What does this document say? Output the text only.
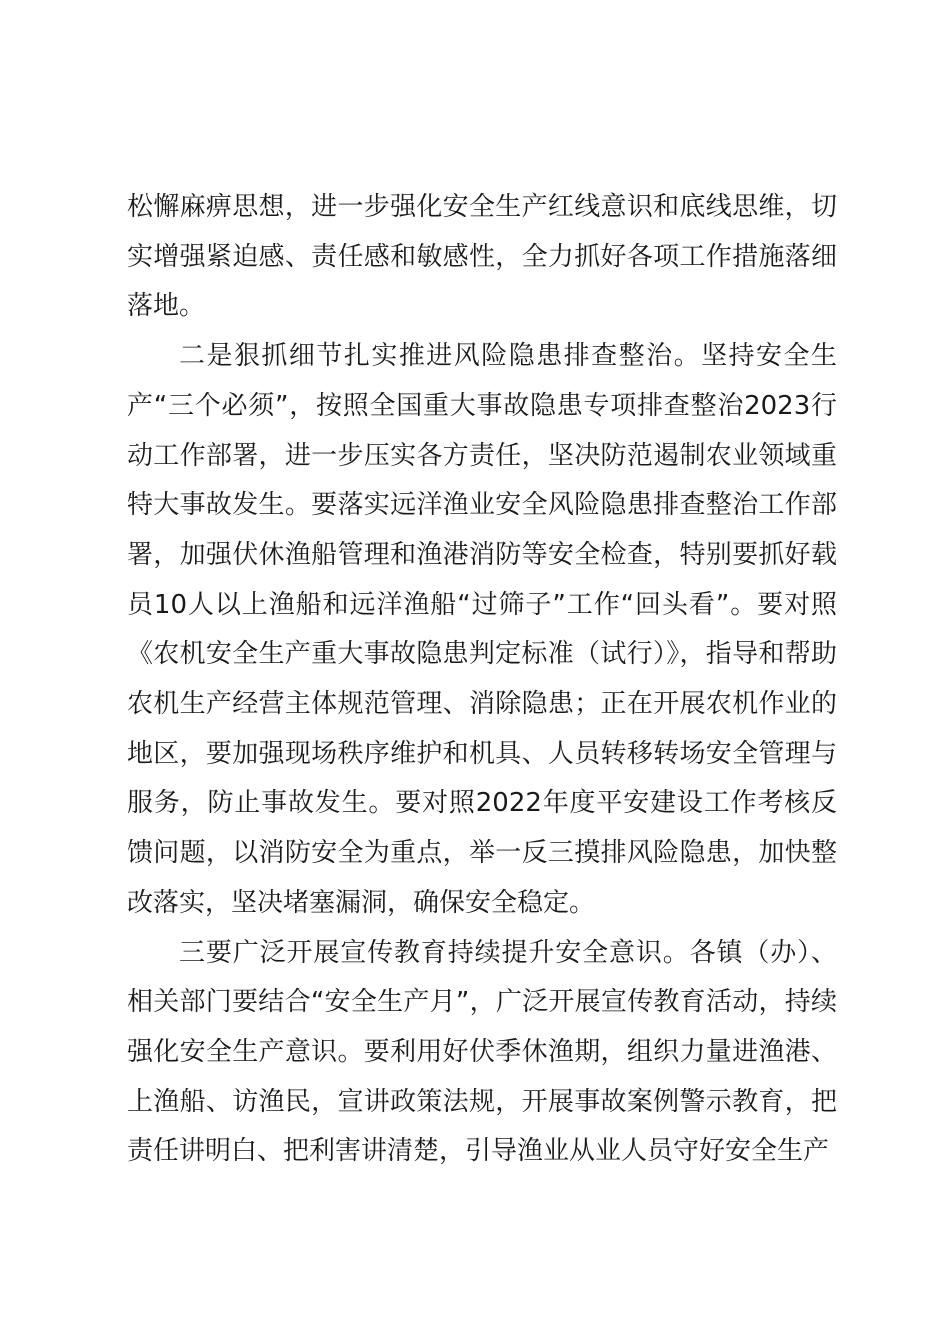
松懈麻痹思想，进一步强化安全生产红线意识和底线思维，切实增强紧迫感、责任感和敏感性，全力抓好各项工作措施落细落地。

二是狠抓细节扎实推进风险隐患排查整治。坚持安全生产“三个必须”，按照全国重大事故隐患专项排查整治2023行动工作部署，进一步压实各方责任，坚决防范遏制农业领域重特大事故发生。要落实远洋渔业安全风险隐患排查整治工作部署，加强伏休渔船管理和渔港消防等安全检查，特别要抓好载员10人以上渔船和远洋渔船“过筛子”工作“回头看”。要对照《农机安全生产重大事故隐患判定标准（试行）》，指导和帮助农机生产经营主体规范管理、消除隐患；正在开展农机作业的地区，要加强现场秩序维护和机具、人员转移转场安全管理与服务，防止事故发生。要对照2022年度平安建设工作考核反馈问题，以消防安全为重点，举一反三摸排风险隐患，加快整改落实，坚决堵塞漏洞，确保安全稳定。

三要广泛开展宣传教育持续提升安全意识。各镇（办）、相关部门要结合“安全生产月”，广泛开展宣传教育活动，持续强化安全生产意识。要利用好伏季休渔期，组织力量进渔港、上渔船、访渔民，宣讲政策法规，开展事故案例警示教育，把责任讲明白、把利害讲清楚，引导渔业从业人员守好安全生产
